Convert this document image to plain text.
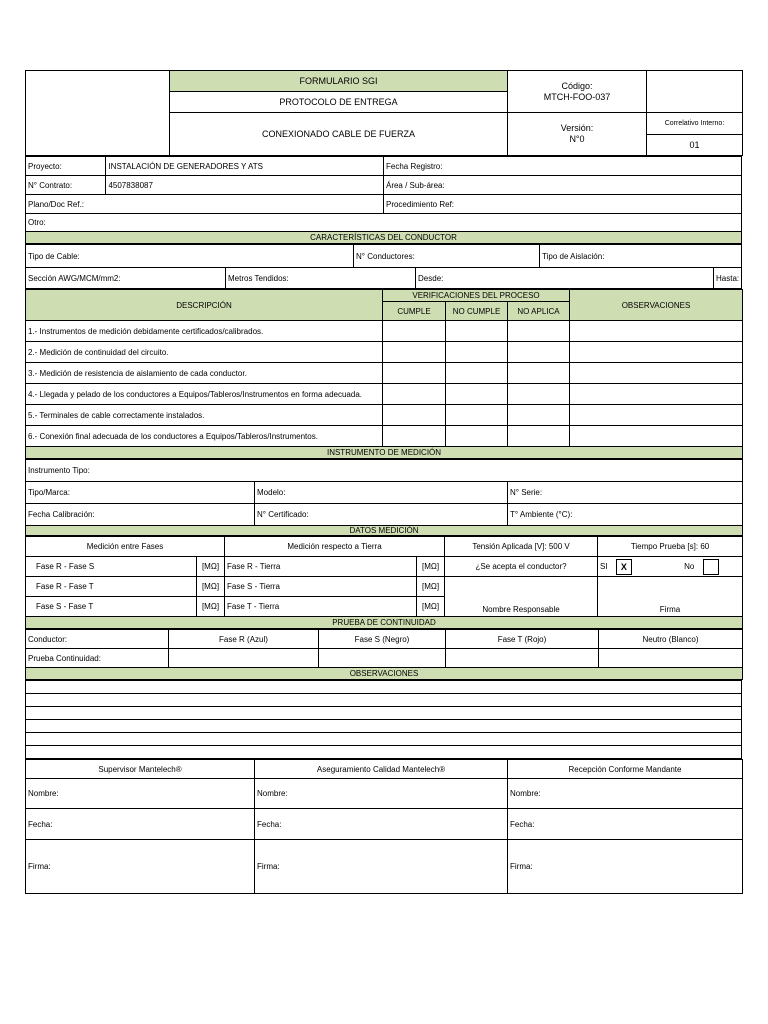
	FORMULARIO SGI	Código:
MTCH-FOO-037	

	PROTOCOLO DE ENTREGA		
	CONEXIONADO CABLE DE FUERZA	Versión:
N°0	Correlativo Interno:
			01
Proyecto:	INSTALACIÓN DE GENERADORES Y ATS	Fecha Registro:
N° Contrato:	4507838087	Área / Sub-área:
Plano/Doc Ref.:		Procedimiento Ref:
Otro:		
CARACTERÍSTICAS DEL CONDUCTOR		
Tipo de Cable:		N° Conductores:		Tipo de Aislación:	
Sección AWG/MCM/mm2:	Metros Tendidos:		Desde:		Hasta:
DESCRIPCIÓN	VERIFICACIONES DEL PROCESO			OBSERVACIONES
	CUMPLE	NO CUMPLE	NO APLICA	
1.- Instrumentos de medición debidamente certificados/calibrados.				
2.- Medición de continuidad del circuito.				
3.- Medición de resistencia de aislamiento de cada conductor.				
4.- Llegada y pelado de los conductores a Equipos/Tableros/Instrumentos en forma adecuada.				
5.- Terminales de cable correctamente instalados.				
6.- Conexión final adecuada de los conductores a Equipos/Tableros/Instrumentos.				
INSTRUMENTO DE MEDICIÓN				
Instrumento Tipo:		
Tipo/Marca:	Modelo:	N° Serie:
Fecha Calibración:	N° Certificado:	T° Ambiente (°C):
DATOS MEDICIÓN		
Medición entre Fases		Medición respecto a Tierra		Tensión Aplicada [V]: 500 V	Tiempo Prueba [s]: 60
Fase R - Fase S	[MΩ]	Fase R - Tierra	[MΩ]	¿Se acepta el conductor?	SI X No
Fase R - Fase T	[MΩ]	Fase S - Tierra	[MΩ]	Nombre Responsable	Firma
Fase S - Fase T	[MΩ]	Fase T - Tierra	[MΩ]		
PRUEBA DE CONTINUIDAD					
Conductor:	Fase R (Azul)	Fase S (Negro)	Fase T (Rojo)	Neutro (Blanco)
Prueba Continuidad:				
OBSERVACIONES				

Supervisor Mantelech®	Aseguramiento Calidad Mantelech®	Recepción Conforme Mandante
Nombre:	Nombre:	Nombre:
Fecha:	Fecha:	Fecha:
Firma:	Firma:	Firma:
